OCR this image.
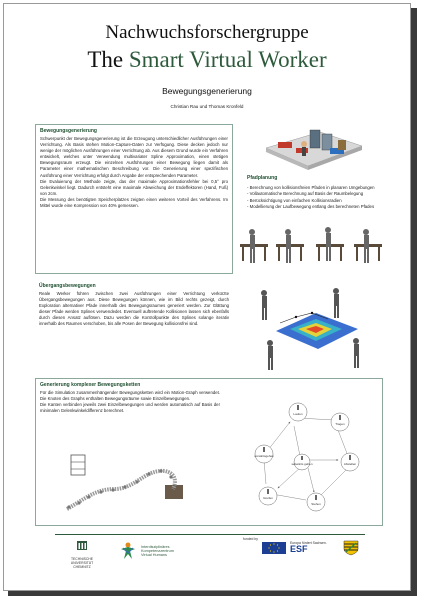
Nachwuchsforschergruppe
The Smart Virtual Worker
Bewegungsgenerierung
Christian Rau und Thomas Kronfeld
Bewegungsgenerierung
Schwerpunkt der Bewegungsgenerierung ist die Erzeugung unterschiedlicher Ausführungen einer Verrichtung. Als Basis stehen Motion-Capture-Daten zur Verfügung. Diese decken jedoch nur wenige der möglichen Ausführungen einer Verrichtung ab. Aus diesem Grund wurde ein Verfahren entwickelt, welches unter Verwendung multivariater Spline Approximation, einen stetigen Bewegungsraum erzeugt. Die einzelnen Ausführungen einer Bewegung liegen damit als Parameter einer mathematischen Beschreibung vor. Die Generierung einer spezifischen Ausführung einer Verrichtung erfolgt durch Angabe der entsprechenden Parameter.
Die Evaluierung der Methode zeigte, das der maximale Approximationsfehler bei 0,5° pro Gelenkwinkel liegt. Dadurch entsteht eine maximale Abweichung der Endeffektoren (Hand, Fuß) von 2cm.
Die Messung des benötigten Speicherplatzes zeigten einen weiteren Vorteil des Verfahrens. Im Mittel wurde eine Kompression von 40% gemessen.
Übergangsbewegungen
Reale Werker führen zwischen zwei Ausführungen einer Verrichtung verkürzte Übergangsbewegungen aus. Diese Bewegungen können, wie im Bild rechts gezeigt, durch Exploration alternativer Pfade innerhalb des Bewegungsraumes generiert werden. Zur Glättung dieser Pfade werden Splines verwendedet. Eventuell auftretende Kollisionen lassen sich ebenfalls durch diesen Ansatz auflösen. Dazu werden die Kontrollpunkte des Splines solange iterativ innerhalb des Raumes verschoben, bis alle Posen der Bewegung kollisionsfrei sind.
Pfadplanung
- Berechnung von kollisionsfreien Pfaden in planaren Umgebungen
- Vollautomatische Berechnung auf Basis der Raumbelegung
- Berücksichtigung von einfachen Kollisionsradien
- Modellierung der Laufbewegung entlang des berechneten Pfades
Generierung komplexer Bewegungsketten
Für die Simulation zusammenhängender Bewegungsketten wird ein Motion-Graph verwendet. Die Knoten des Graphs enthalten Bewegungsräume sowie Einzelbewegungen.
Die Kanten verbinden jeweils zwei Einzelbewegungen und werden automatisch auf Basis der minimalen Gelenkwinkeldifferenz berechnet.
Laufen
Tragen
Abstellen
Stehen
Greifen
vorwärtsgehen
seitwärts gehen
TECHNISCHE UNIVERSITÄT
CHEMNITZ
Interdisziplinäres
Kompetenzzentrum
Virtual Humans
funded by
Europa fördert Sachsen.
ESF
